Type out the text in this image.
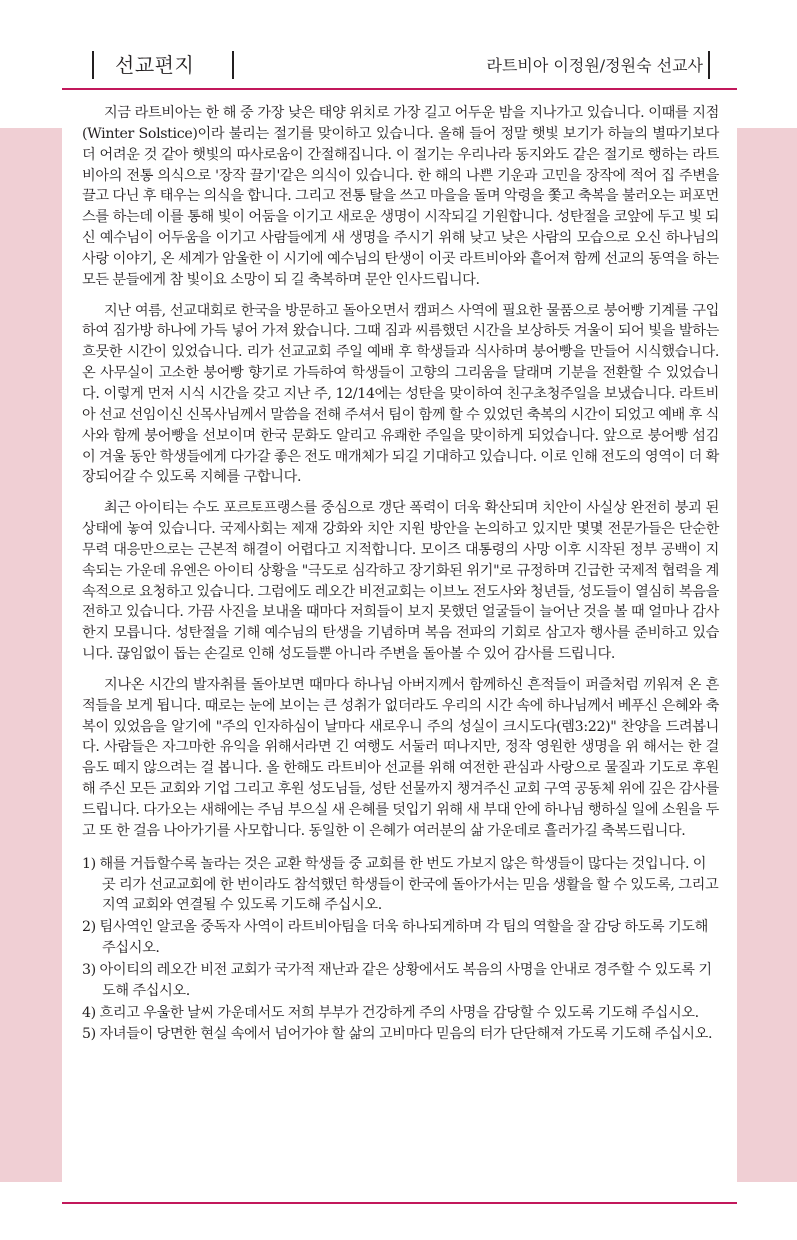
선교편지	라트비아 이정원/정원숙 선교사

지금 라트비아는 한 해 중 가장 낮은 태양 위치로 가장 길고 어두운 밤을 지나가고 있습니다. 이때를 지점(Winter Solstice)이라 불리는 절기를 맞이하고 있습니다. 올해 들어 정말 햇빛 보기가 하늘의 별따기보다 더 어려운 것 같아 햇빛의 따사로움이 간절해집니다. 이 절기는 우리나라 동지와도 같은 절기로 행하는 라트비아의 전통 의식으로 '장작 끌기'같은 의식이 있습니다. 한 해의 나쁜 기운과 고민을 장작에 적어 집 주변을 끌고 다닌 후 태우는 의식을 합니다. 그리고 전통 탈을 쓰고 마을을 돌며 악령을 쫓고 축복을 불러오는 퍼포먼스를 하는데 이를 통해 빛이 어둠을 이기고 새로운 생명이 시작되길 기원합니다. 성탄절을 코앞에 두고 빛 되신 예수님이 어두움을 이기고 사람들에게 새 생명을 주시기 위해 낮고 낮은 사람의 모습으로 오신 하나님의 사랑 이야기, 온 세계가 암울한 이 시기에 예수님의 탄생이 이곳 라트비아와 흩어져 함께 선교의 동역을 하는 모든 분들에게 참 빛이요 소망이 되 길 축복하며 문안 인사드립니다.

지난 여름, 선교대회로 한국을 방문하고 돌아오면서 캠퍼스 사역에 필요한 물품으로 붕어빵 기계를 구입하여 짐가방 하나에 가득 넣어 가져 왔습니다. 그때 짐과 씨름했던 시간을 보상하듯 겨울이 되어 빛을 발하는 흐뭇한 시간이 있었습니다. 리가 선교교회 주일 예배 후 학생들과 식사하며 붕어빵을 만들어 시식했습니다. 온 사무실이 고소한 붕어빵 향기로 가득하여 학생들이 고향의 그리움을 달래며 기분을 전환할 수 있었습니다. 이렇게 먼저 시식 시간을 갖고 지난 주, 12/14에는 성탄을 맞이하여 친구초청주일을 보냈습니다. 라트비아 선교 선임이신 신목사님께서 말씀을 전해 주셔서 팀이 함께 할 수 있었던 축복의 시간이 되었고 예배 후 식사와 함께 붕어빵을 선보이며 한국 문화도 알리고 유쾌한 주일을 맞이하게 되었습니다. 앞으로 붕어빵 섬김이 겨울 동안 학생들에게 다가갈 좋은 전도 매개체가 되길 기대하고 있습니다. 이로 인해 전도의 영역이 더 확장되어갈 수 있도록 지혜를 구합니다.

최근 아이티는 수도 포르토프랭스를 중심으로 갱단 폭력이 더욱 확산되며 치안이 사실상 완전히 붕괴 된 상태에 놓여 있습니다. 국제사회는 제재 강화와 치안 지원 방안을 논의하고 있지만 몇몇 전문가들은 단순한 무력 대응만으로는 근본적 해결이 어렵다고 지적합니다. 모이즈 대통령의 사망 이후 시작된 정부 공백이 지속되는 가운데 유엔은 아이티 상황을 "극도로 심각하고 장기화된 위기"로 규정하며 긴급한 국제적 협력을 계속적으로 요청하고 있습니다. 그럼에도 레오간 비전교회는 이브노 전도사와 청년들, 성도들이 열심히 복음을 전하고 있습니다. 가끔 사진을 보내올 때마다 저희들이 보지 못했던 얼굴들이 늘어난 것을 볼 때 얼마나 감사한지 모릅니다. 성탄절을 기해 예수님의 탄생을 기념하며 복음 전파의 기회로 삼고자 행사를 준비하고 있습니다. 끊임없이 돕는 손길로 인해 성도들뿐 아니라 주변을 돌아볼 수 있어 감사를 드립니다.

지나온 시간의 발자취를 돌아보면 때마다 하나님 아버지께서 함께하신 흔적들이 퍼즐처럼 끼워져 온 흔적들을 보게 됩니다. 때로는 눈에 보이는 큰 성취가 없더라도 우리의 시간 속에 하나님께서 베푸신 은혜와 축복이 있었음을 알기에 "주의 인자하심이 날마다 새로우니 주의 성실이 크시도다(렘3:22)" 찬양을 드려봅니다. 사람들은 자그마한 유익을 위해서라면 긴 여행도 서둘러 떠나지만, 정작 영원한 생명을 위 해서는 한 걸음도 떼지 않으려는 걸 봅니다. 올 한해도 라트비아 선교를 위해 여전한 관심과 사랑으로 물질과 기도로 후원해 주신 모든 교회와 기업 그리고 후원 성도님들, 성탄 선물까지 챙겨주신 교회 구역 공동체 위에 깊은 감사를 드립니다. 다가오는 새해에는 주님 부으실 새 은혜를 덧입기 위해 새 부대 안에 하나님 행하실 일에 소원을 두고 또 한 걸음 나아가기를 사모합니다. 동일한 이 은혜가 여러분의 삶 가운데로 흘러가길 축복드립니다.

1) 해를 거듭할수록 놀라는 것은 교환 학생들 중 교회를 한 번도 가보지 않은 학생들이 많다는 것입니다. 이곳 리가 선교교회에 한 번이라도 참석했던 학생들이 한국에 돌아가서는 믿음 생활을 할 수 있도록, 그리고 지역 교회와 연결될 수 있도록 기도해 주십시오.
2) 팀사역인 알코올 중독자 사역이 라트비아팀을 더욱 하나되게하며 각 팀의 역할을 잘 감당 하도록 기도해 주십시오.
3) 아이티의 레오간 비전 교회가 국가적 재난과 같은 상황에서도 복음의 사명을 안내로 경주할 수 있도록 기도해 주십시오.
4) 흐리고 우울한 날씨 가운데서도 저희 부부가 건강하게 주의 사명을 감당할 수 있도록 기도해 주십시오.
5) 자녀들이 당면한 현실 속에서 넘어가야 할 삶의 고비마다 믿음의 터가 단단해져 가도록 기도해 주십시오.
